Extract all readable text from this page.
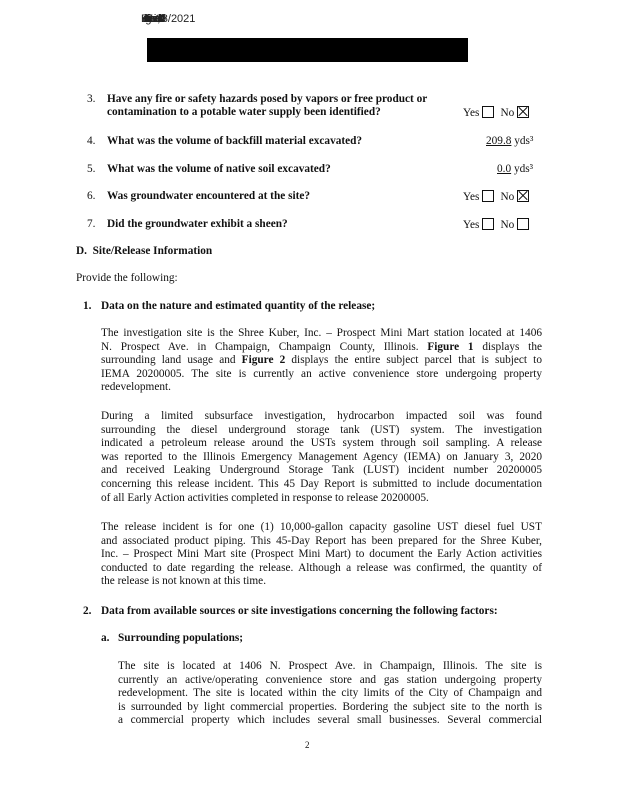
Electronic Filing: Received, Clerk's Office 08/2021
3. Have any fire or safety hazards posed by vapors or free product or
contamination to a potable water supply been identified?	Yes No
4. What was the volume of backfill material excavated?	209.8 yds³
5. What was the volume of native soil excavated?	0.0 yds³
6. Was groundwater encountered at the site?	Yes No
7. Did the groundwater exhibit a sheen?	Yes No
D.  Site/Release Information
Provide the following:
1. Data on the nature and estimated quantity of the release;
The investigation site is the Shree Kuber, Inc. – Prospect Mini Mart station located at 1406
N. Prospect Ave. in Champaign, Champaign County, Illinois. Figure 1 displays the
surrounding land usage and Figure 2 displays the entire subject parcel that is subject to
IEMA 20200005. The site is currently an active convenience store undergoing property
redevelopment.
During a limited subsurface investigation, hydrocarbon impacted soil was found
surrounding the diesel underground storage tank (UST) system. The investigation
indicated a petroleum release around the USTs system through soil sampling. A release
was reported to the Illinois Emergency Management Agency (IEMA) on January 3, 2020
and received Leaking Underground Storage Tank (LUST) incident number 20200005
concerning this release incident. This 45 Day Report is submitted to include documentation
of all Early Action activities completed in response to release 20200005.
The release incident is for one (1) 10,000-gallon capacity gasoline UST diesel fuel UST
and associated product piping. This 45-Day Report has been prepared for the Shree Kuber,
Inc. – Prospect Mini Mart site (Prospect Mini Mart) to document the Early Action activities
conducted to date regarding the release. Although a release was confirmed, the quantity of
the release is not known at this time.
2. Data from available sources or site investigations concerning the following factors:
a. Surrounding populations;
The site is located at 1406 N. Prospect Ave. in Champaign, Illinois. The site is
currently an active/operating convenience store and gas station undergoing property
redevelopment. The site is located within the city limits of the City of Champaign and
is surrounded by light commercial properties. Bordering the subject site to the north is
a commercial property which includes several small businesses. Several commercial
2
